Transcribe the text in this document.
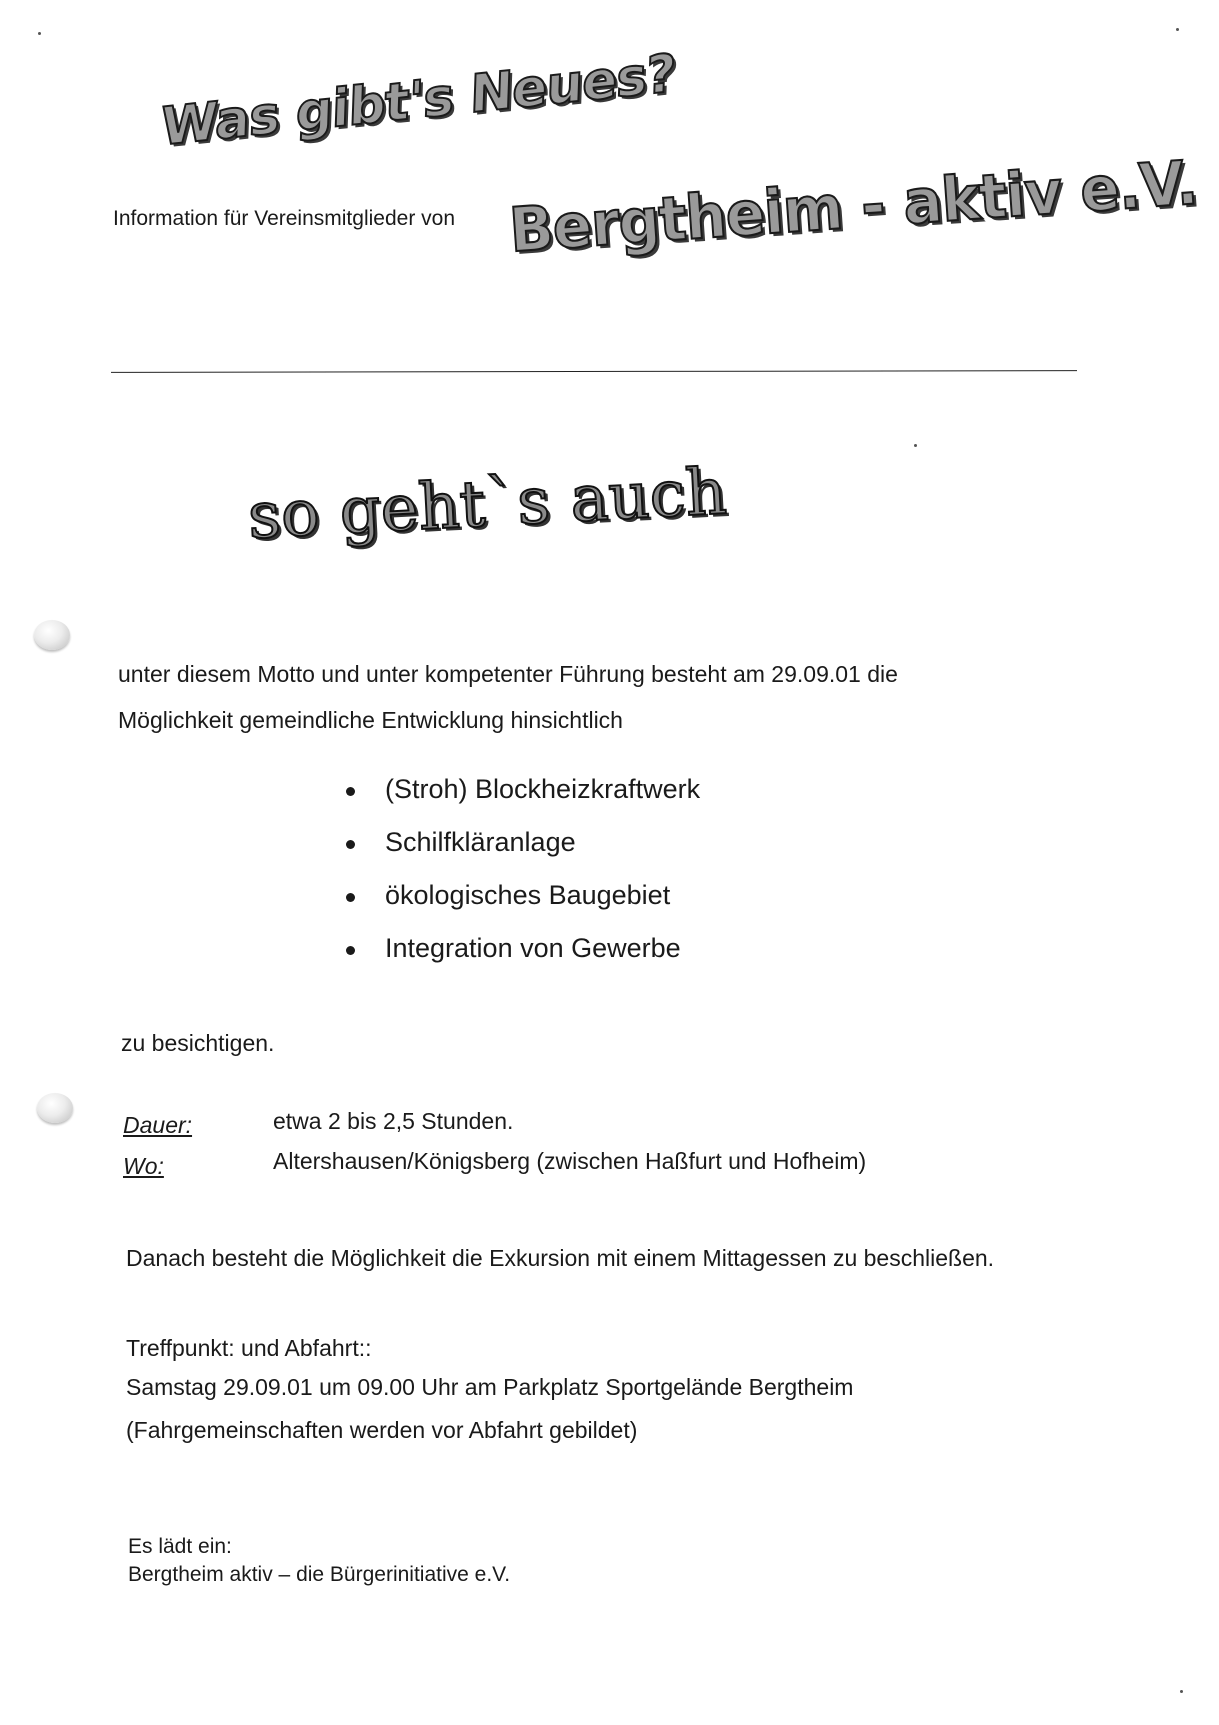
Was gibt's Neues?
Information für Vereinsmitglieder von Bergtheim - aktiv e.V.
so geht`s auch
unter diesem Motto und unter kompetenter Führung besteht am 29.09.01 die
Möglichkeit gemeindliche Entwicklung hinsichtlich
(Stroh) Blockheizkraftwerk
Schilfkläranlage
ökologisches Baugebiet
Integration von Gewerbe
zu besichtigen.
Dauer:	etwa 2 bis 2,5 Stunden.
Wo:	Altershausen/Königsberg (zwischen Haßfurt und Hofheim)
Danach besteht die Möglichkeit die Exkursion mit einem Mittagessen zu beschließen.
Treffpunkt: und Abfahrt::
Samstag 29.09.01 um 09.00 Uhr am Parkplatz Sportgelände Bergtheim
(Fahrgemeinschaften werden vor Abfahrt gebildet)
Es lädt ein:
Bergtheim aktiv – die Bürgerinitiative e.V.
